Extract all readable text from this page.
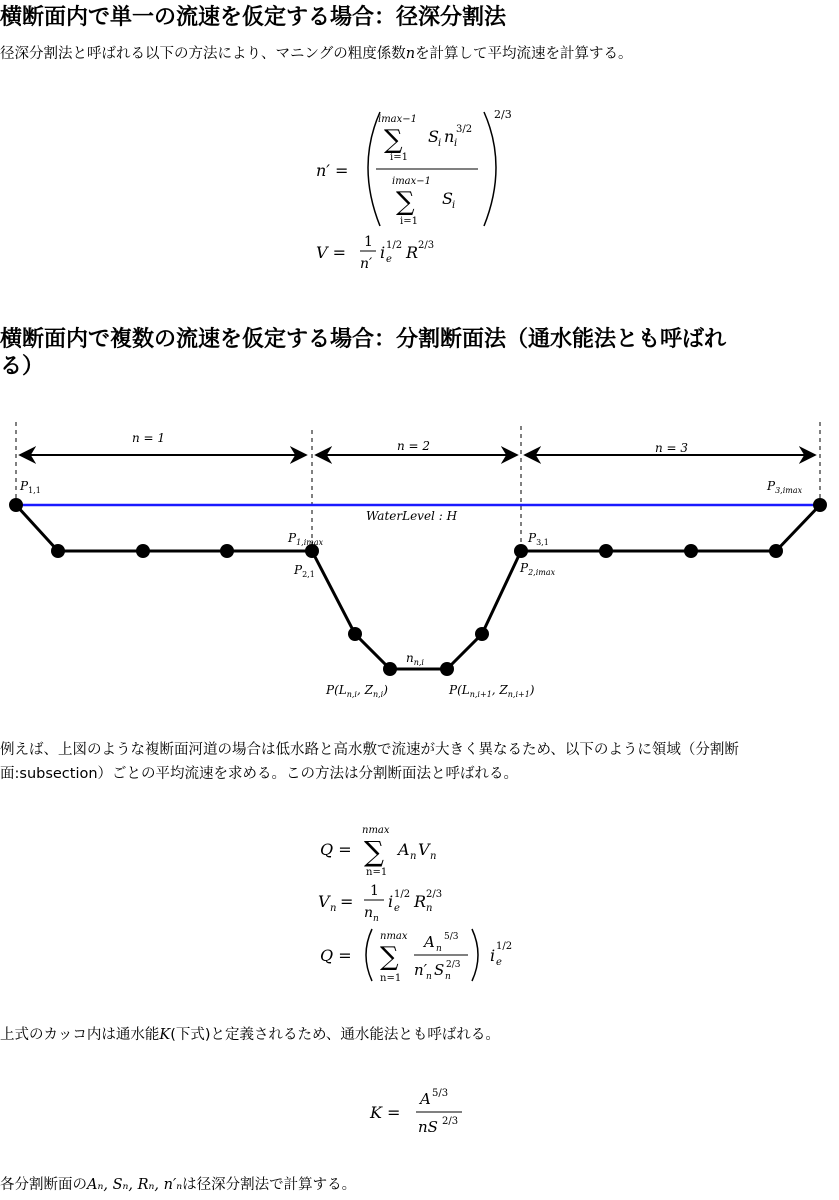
横断面内で単一の流速を仮定する場合：径深分割法

径深分割法と呼ばれる以下の方法により、マニングの粗度係数nを計算して平均流速を計算する。

n′ =
2/3
imax−1
∑
i=1
S i n i
3/2
imax−1
∑
i=1
S i
V =
1
n′
i e
1/2 R 2/3
横断面内で複数の流速を仮定する場合：分割断面法（通水能法とも呼ばれ
る）
n = 1
n = 2	n = 3
$P_{1,1}$	$P_{3,imax}$
WaterLevel : H
$P_{1,imax}$
$P_{2,1}$
$P_{3,1}$
$P_{2,imax}$
$n_{n,i}$
$P(L_{n,i}$, $Z_{n,i}$)	$P(L_{n,i+1}$, $Z_{n,i+1}$)

例えば、上図のような複断面河道の場合は低水路と高水敷で流速が大きく異なるため、以下のように領域（分割断
面:subsection）ごとの平均流速を求める。この方法は分割断面法と呼ばれる。

Q =
nmax
∑
n=1
A n V n
V n =
1
n n
i e
1/2 R n
2/3
Q =
nmax
∑
n=1
A n
5/3
n′
n S n
2/3 i e
1/2

上式のカッコ内は通水能K(下式)と定義されるため、通水能法とも呼ばれる。

K =
A 5/3
nS 2/3

各分割断面のAₙ, Sₙ, Rₙ, n′ₙは径深分割法で計算する。
